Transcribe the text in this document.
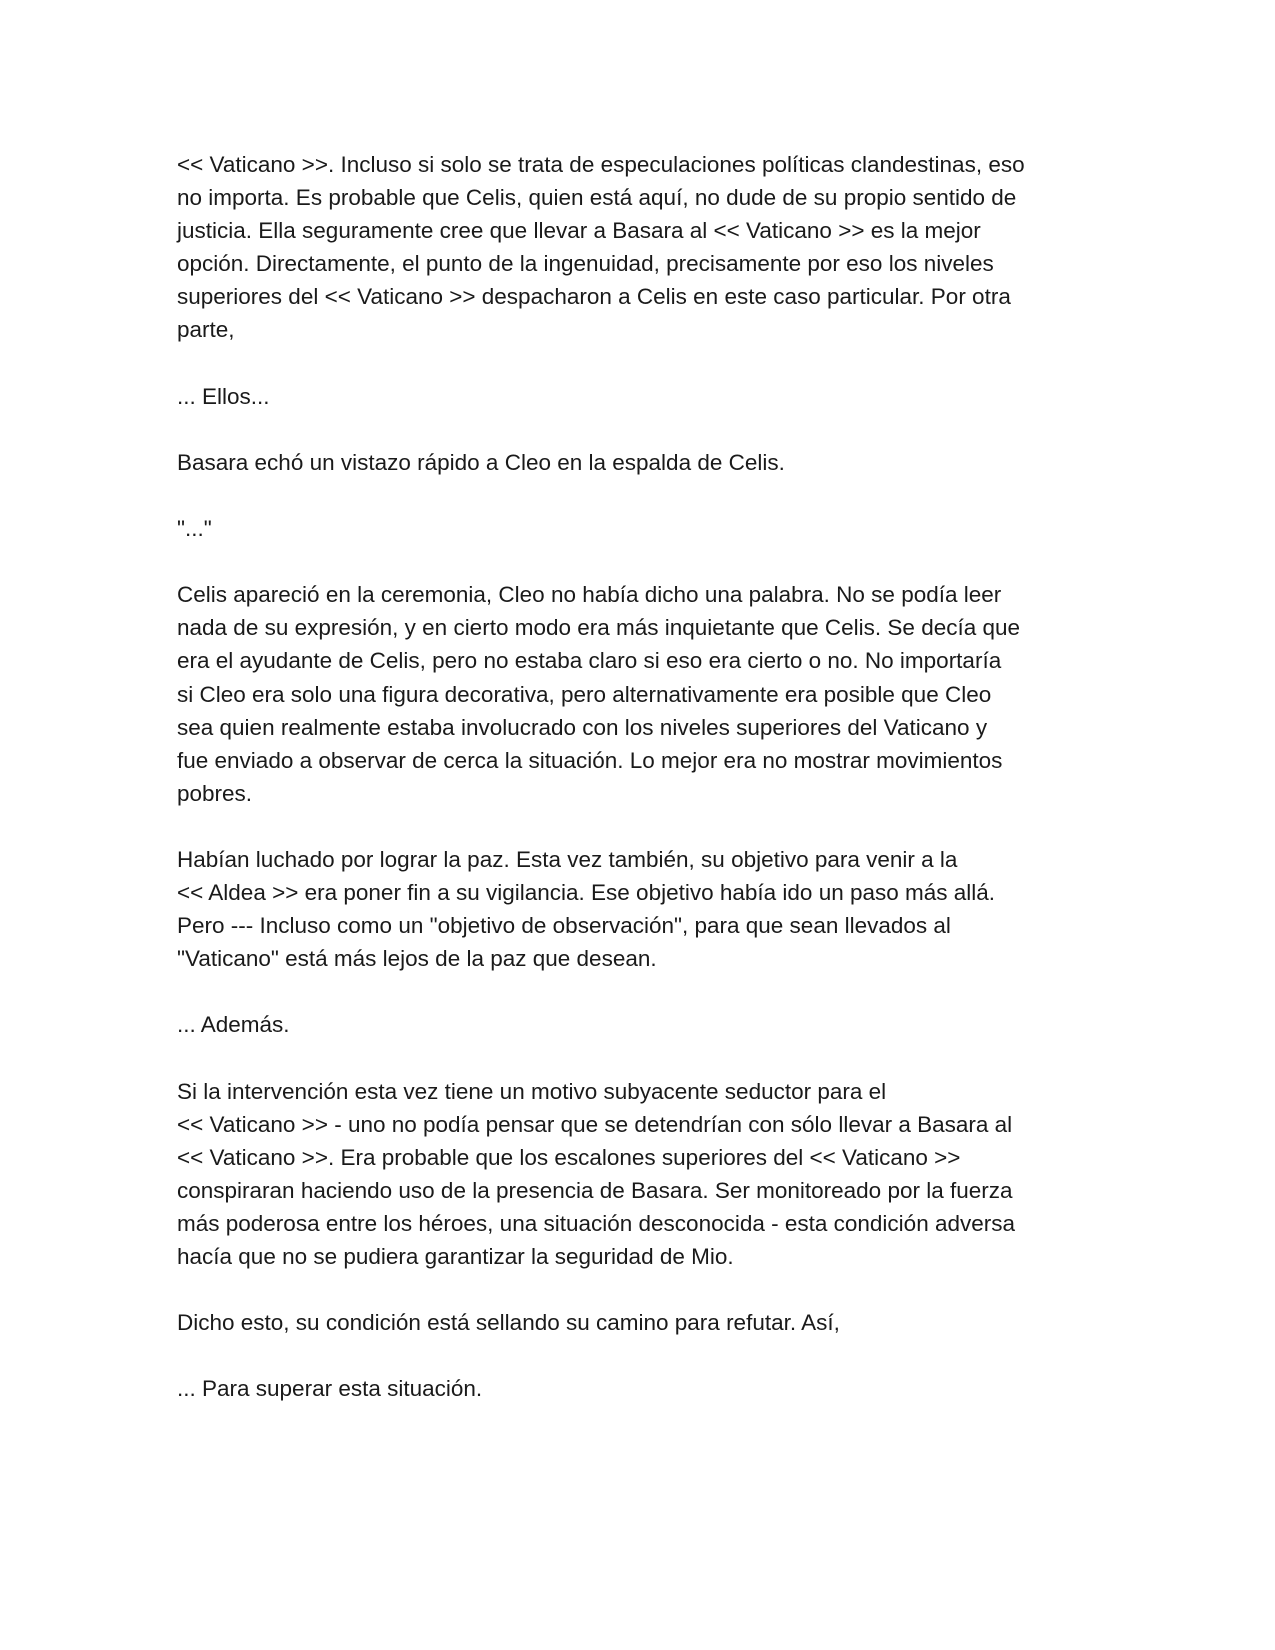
<< Vaticano >>. Incluso si solo se trata de especulaciones políticas clandestinas, eso
no importa. Es probable que Celis, quien está aquí, no dude de su propio sentido de
justicia. Ella seguramente cree que llevar a Basara al << Vaticano >> es la mejor
opción. Directamente, el punto de la ingenuidad, precisamente por eso los niveles
superiores del << Vaticano >> despacharon a Celis en este caso particular. Por otra
parte,

... Ellos...

Basara echó un vistazo rápido a Cleo en la espalda de Celis.

"..."

Celis apareció en la ceremonia, Cleo no había dicho una palabra. No se podía leer
nada de su expresión, y en cierto modo era más inquietante que Celis. Se decía que
era el ayudante de Celis, pero no estaba claro si eso era cierto o no. No importaría
si Cleo era solo una figura decorativa, pero alternativamente era posible que Cleo
sea quien realmente estaba involucrado con los niveles superiores del Vaticano y
fue enviado a observar de cerca la situación. Lo mejor era no mostrar movimientos
pobres.

Habían luchado por lograr la paz. Esta vez también, su objetivo para venir a la
<< Aldea >> era poner fin a su vigilancia. Ese objetivo había ido un paso más allá.
Pero --- Incluso como un "objetivo de observación", para que sean llevados al
"Vaticano" está más lejos de la paz que desean.

... Además.

Si la intervención esta vez tiene un motivo subyacente seductor para el
<< Vaticano >> - uno no podía pensar que se detendrían con sólo llevar a Basara al
<< Vaticano >>. Era probable que los escalones superiores del << Vaticano >>
conspiraran haciendo uso de la presencia de Basara. Ser monitoreado por la fuerza
más poderosa entre los héroes, una situación desconocida - esta condición adversa
hacía que no se pudiera garantizar la seguridad de Mio.

Dicho esto, su condición está sellando su camino para refutar. Así,

... Para superar esta situación.
